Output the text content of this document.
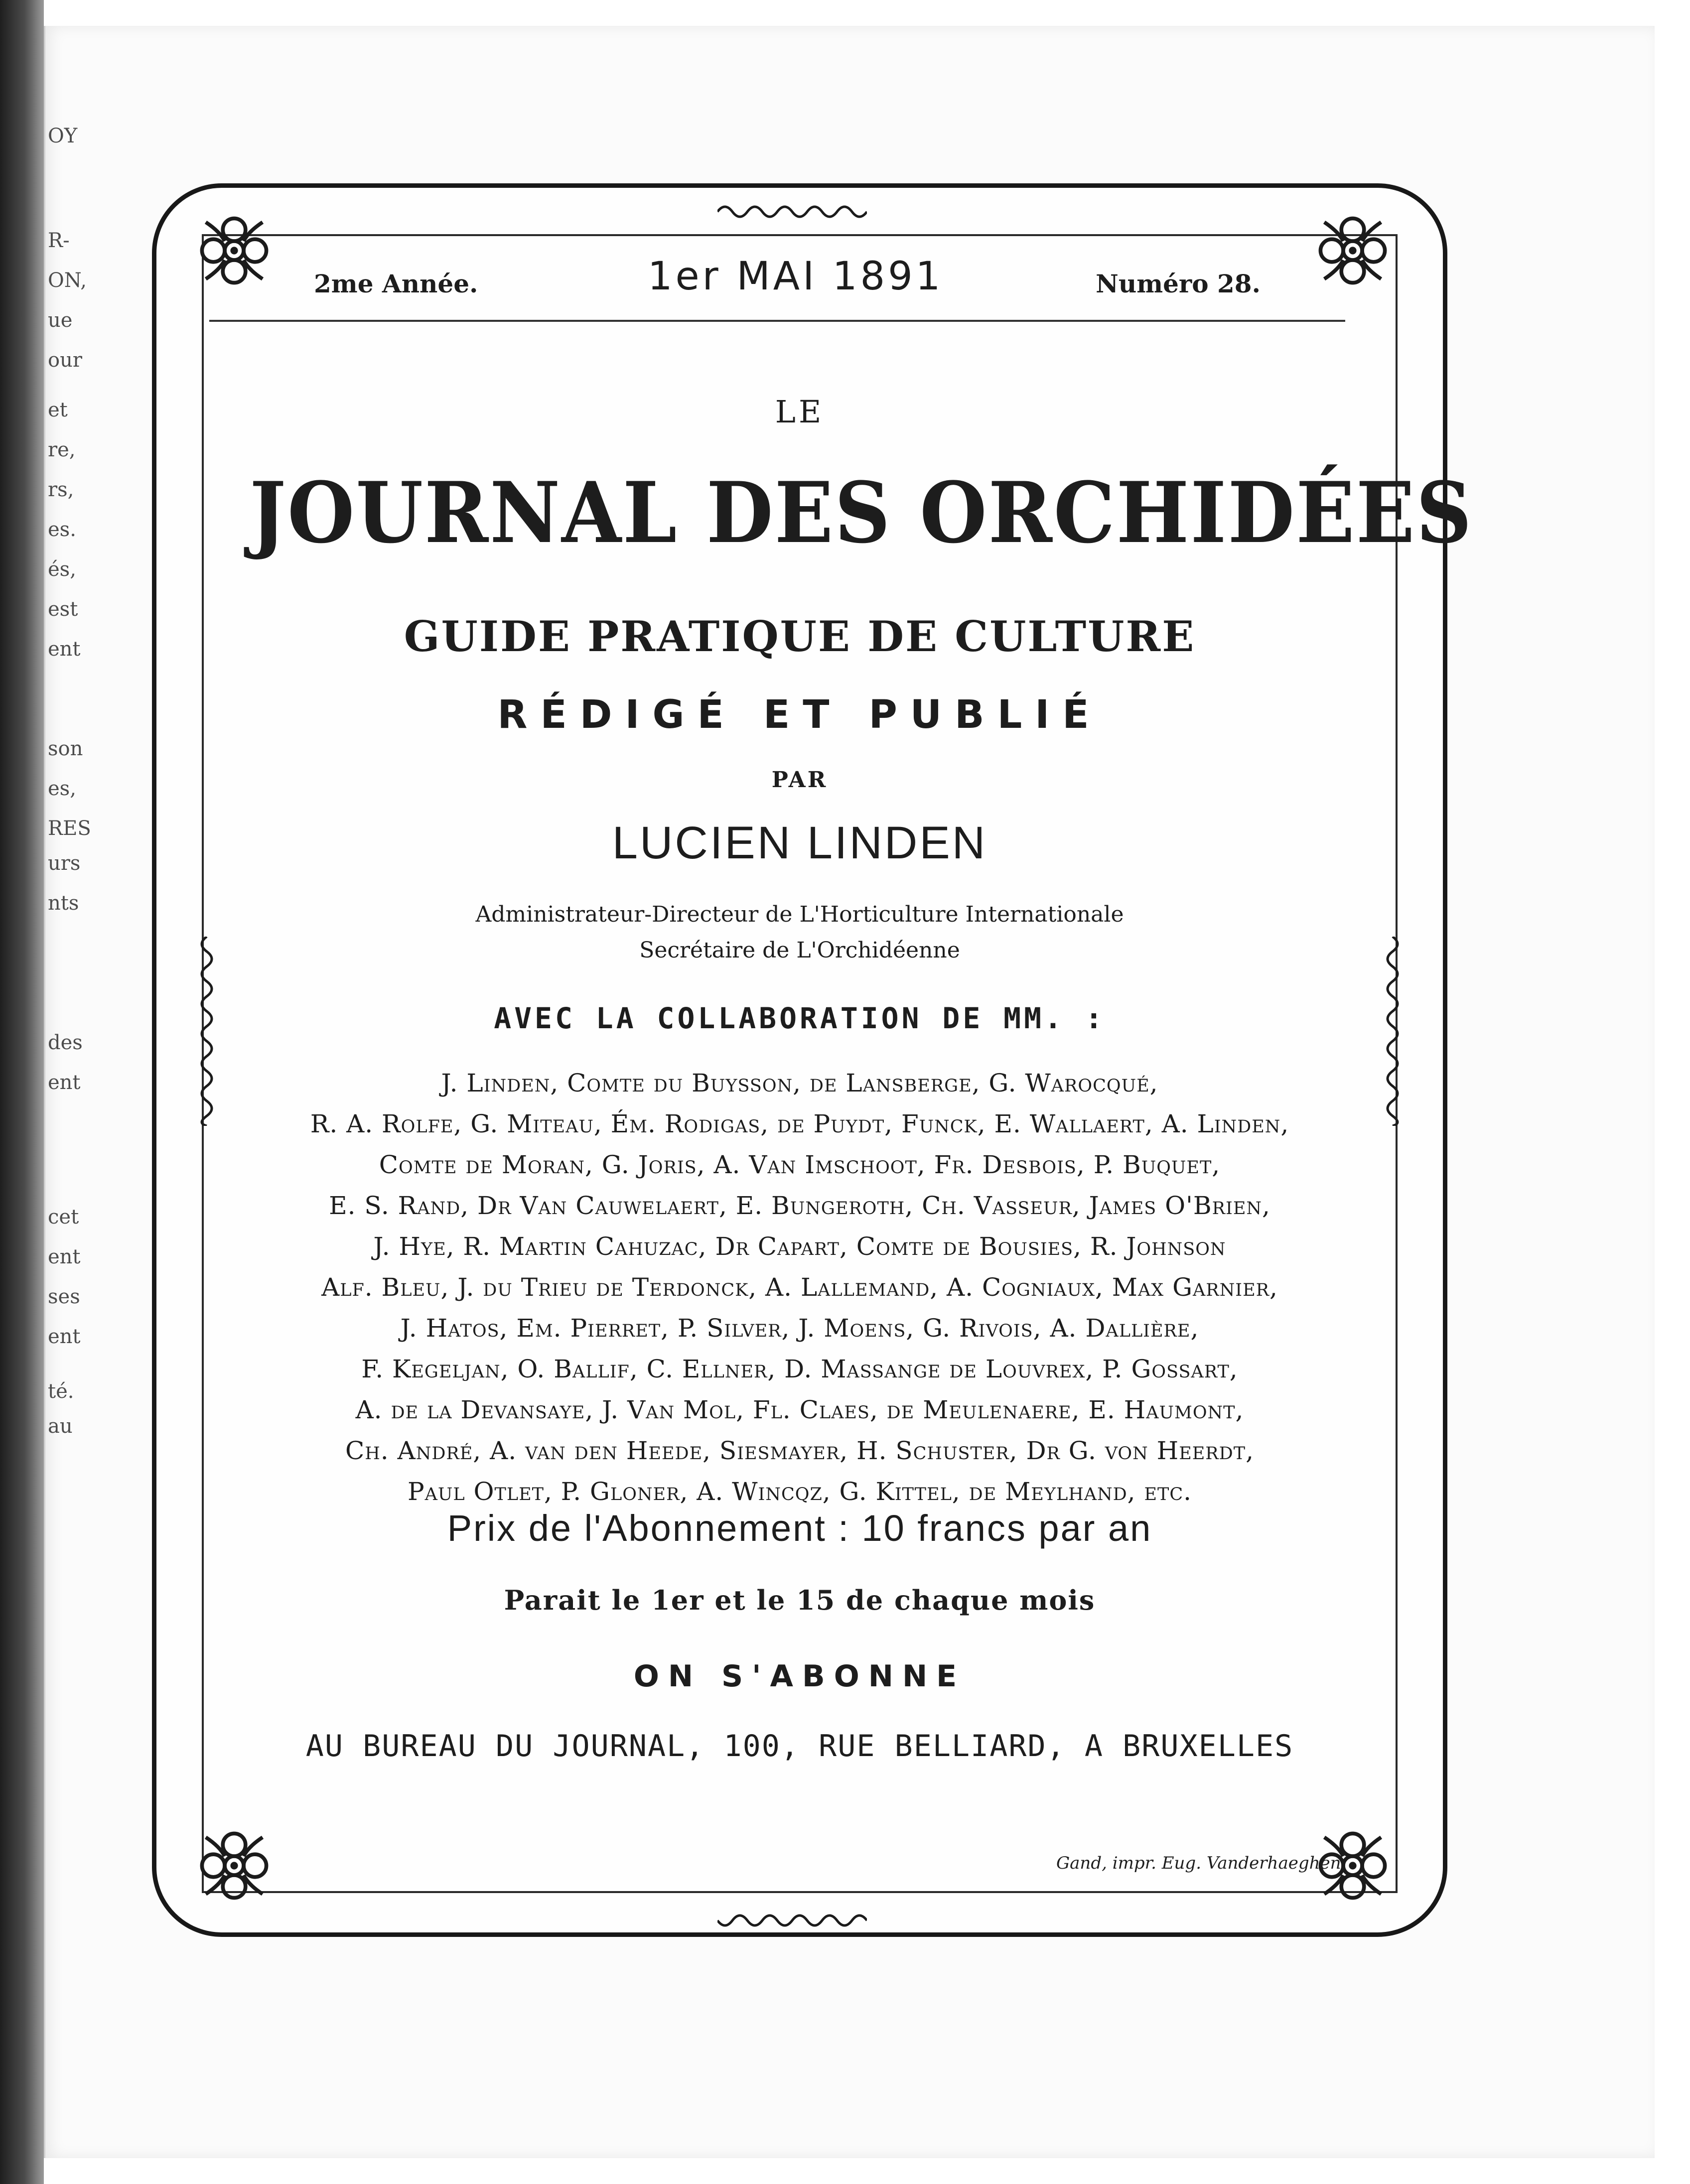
OY
R-
ON,
ue
our
et
re,
rs,
es.
és,
est
ent
son
es,
RES
urs
nts
des
ent
cet
ent
ses
ent
té.
au
2me Année.	1er MAI 1891	Numéro 28.
LE
JOURNAL DES ORCHIDÉES
GUIDE PRATIQUE DE CULTURE
RÉDIGÉ ET PUBLIÉ
PAR
LUCIEN LINDEN
Administrateur-Directeur de L'Horticulture Internationale
Secrétaire de L'Orchidéenne
AVEC LA COLLABORATION DE MM. :
J. Linden, Comte du Buysson, de Lansberge, G. Warocqué,
R. A. Rolfe, G. Miteau, Ém. Rodigas, de Puydt, Funck, E. Wallaert, A. Linden,
Comte de Moran, G. Joris, A. Van Imschoot, Fr. Desbois, P. Buquet,
E. S. Rand, Dr Van Cauwelaert, E. Bungeroth, Ch. Vasseur, James O'Brien,
J. Hye, R. Martin Cahuzac, Dr Capart, Comte de Bousies, R. Johnson
Alf. Bleu, J. du Trieu de Terdonck, A. Lallemand, A. Cogniaux, Max Garnier,
J. Hatos, Em. Pierret, P. Silver, J. Moens, G. Rivois, A. Dallière,
F. Kegeljan, O. Ballif, C. Ellner, D. Massange de Louvrex, P. Gossart,
A. de la Devansaye, J. Van Mol, Fl. Claes, de Meulenaere, E. Haumont,
Ch. André, A. van den Heede, Siesmayer, H. Schuster, Dr G. von Heerdt,
Paul Otlet, P. Gloner, A. Wincqz, G. Kittel, de Meylhand, etc.
Prix de l'Abonnement : 10 francs par an
Parait le 1er et le 15 de chaque mois
ON S'ABONNE
AU BUREAU DU JOURNAL, 100, RUE BELLIARD, A BRUXELLES
Gand, impr. Eug. Vanderhaeghen.
